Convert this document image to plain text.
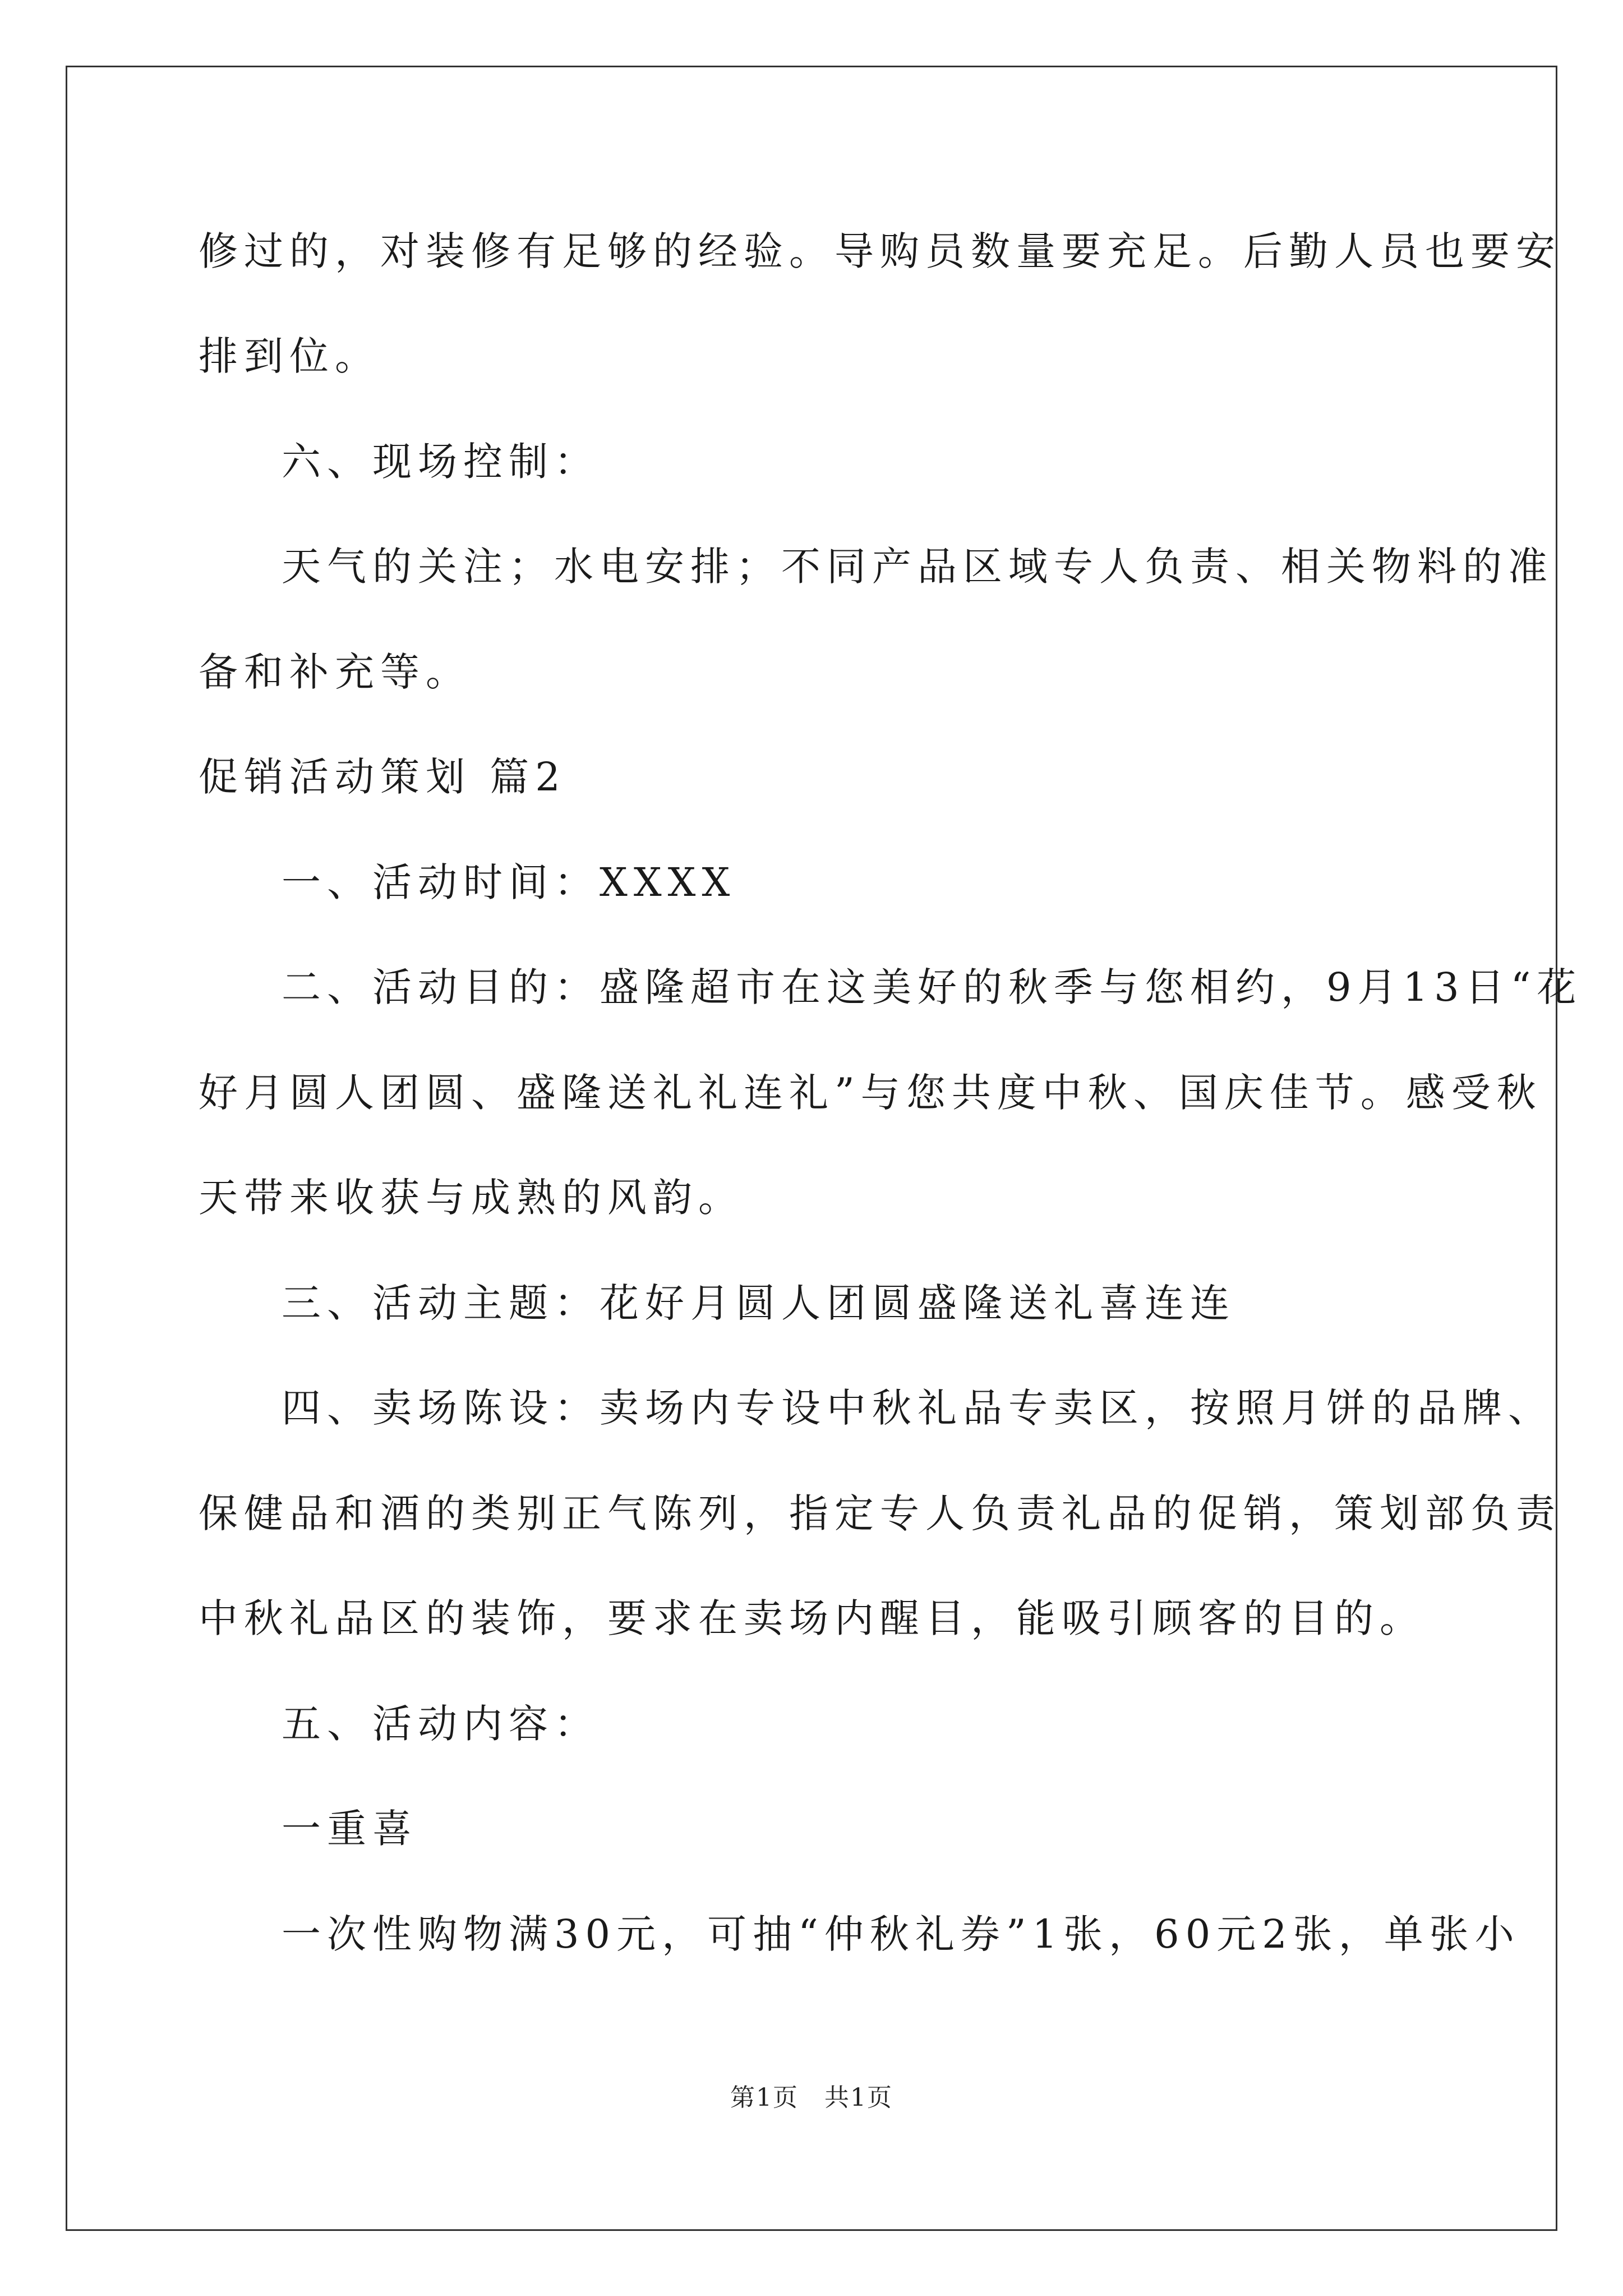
修过的，对装修有足够的经验。导购员数量要充足。后勤人员也要安
排到位。
六、现场控制：
天气的关注；水电安排；不同产品区域专人负责、相关物料的准
备和补充等。
促销活动策划 篇2
一、活动时间：XXXX
二、活动目的：盛隆超市在这美好的秋季与您相约，9月13日“花
好月圆人团圆、盛隆送礼礼连礼”与您共度中秋、国庆佳节。感受秋
天带来收获与成熟的风韵。
三、活动主题：花好月圆人团圆盛隆送礼喜连连
四、卖场陈设：卖场内专设中秋礼品专卖区，按照月饼的品牌、
保健品和酒的类别正气陈列，指定专人负责礼品的促销，策划部负责
中秋礼品区的装饰，要求在卖场内醒目，能吸引顾客的目的。
五、活动内容：
一重喜
一次性购物满30元，可抽“仲秋礼券”1张，60元2张，单张小
第1页　共1页
